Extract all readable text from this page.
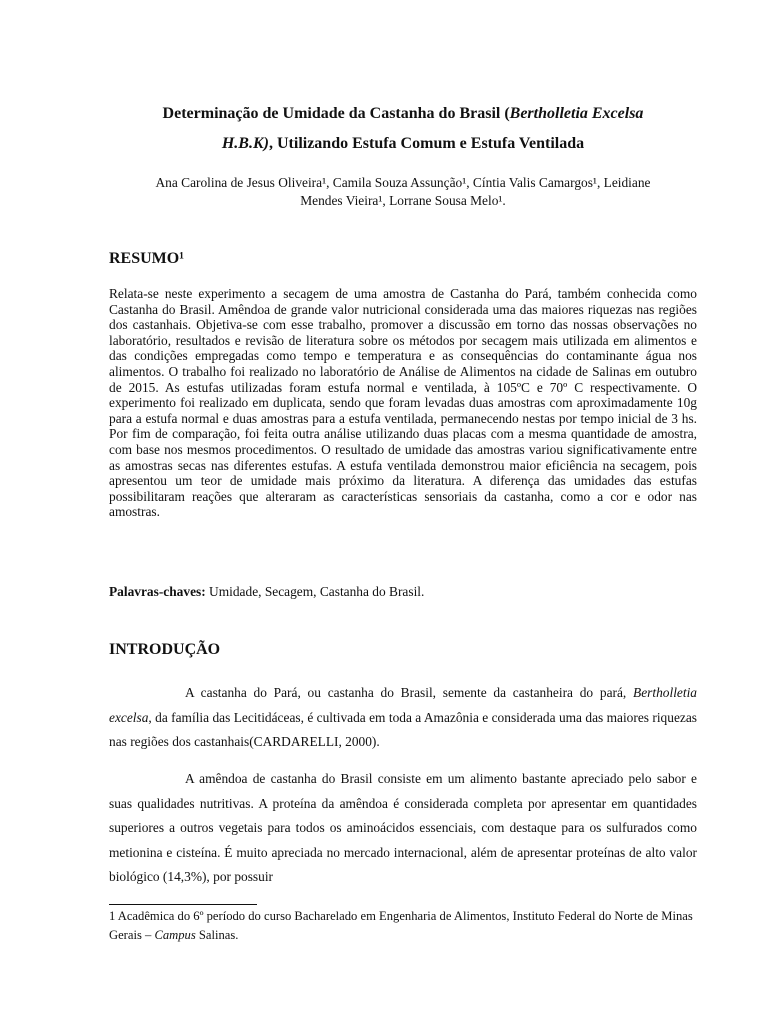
Determinação de Umidade da Castanha do Brasil (Bertholletia Excelsa
H.B.K), Utilizando Estufa Comum e Estufa Ventilada
Ana Carolina de Jesus Oliveira¹, Camila Souza Assunção¹, Cíntia Valis Camargos¹, Leidiane
Mendes Vieira¹, Lorrane Sousa Melo¹.
RESUMO¹

Relata-se neste experimento a secagem de uma amostra de Castanha do Pará, também conhecida como Castanha do Brasil. Amêndoa de grande valor nutricional considerada uma das maiores riquezas nas regiões dos castanhais. Objetiva-se com esse trabalho, promover a discussão em torno das nossas observações no laboratório, resultados e revisão de literatura sobre os métodos por secagem mais utilizada em alimentos e das condições empregadas como tempo e temperatura e as consequências do contaminante água nos alimentos. O trabalho foi realizado no laboratório de Análise de Alimentos na cidade de Salinas em outubro de 2015. As estufas utilizadas foram estufa normal e ventilada, à 105ºC e 70º C respectivamente. O experimento foi realizado em duplicata, sendo que foram levadas duas amostras com aproximadamente 10g para a estufa normal e duas amostras para a estufa ventilada, permanecendo nestas por tempo inicial de 3 hs. Por fim de comparação, foi feita outra análise utilizando duas placas com a mesma quantidade de amostra, com base nos mesmos procedimentos. O resultado de umidade das amostras variou significativamente entre as amostras secas nas diferentes estufas. A estufa ventilada demonstrou maior eficiência na secagem, pois apresentou um teor de umidade mais próximo da literatura. A diferença das umidades das estufas possibilitaram reações que alteraram as características sensoriais da castanha, como a cor e odor nas amostras.

Palavras-chaves: Umidade, Secagem, Castanha do Brasil.

INTRODUÇÃO

A castanha do Pará, ou castanha do Brasil, semente da castanheira do pará, Bertholletia excelsa, da família das Lecitidáceas, é cultivada em toda a Amazônia e considerada uma das maiores riquezas nas regiões dos castanhais(CARDARELLI, 2000).

A amêndoa de castanha do Brasil consiste em um alimento bastante apreciado pelo sabor e suas qualidades nutritivas. A proteína da amêndoa é considerada completa por apresentar em quantidades superiores a outros vegetais para todos os aminoácidos essenciais, com destaque para os sulfurados como metionina e cisteína. É muito apreciada no mercado internacional, além de apresentar proteínas de alto valor biológico (14,3%), por possuir

1 Acadêmica do 6º período do curso Bacharelado em Engenharia de Alimentos, Instituto Federal do Norte de Minas Gerais – Campus Salinas.
